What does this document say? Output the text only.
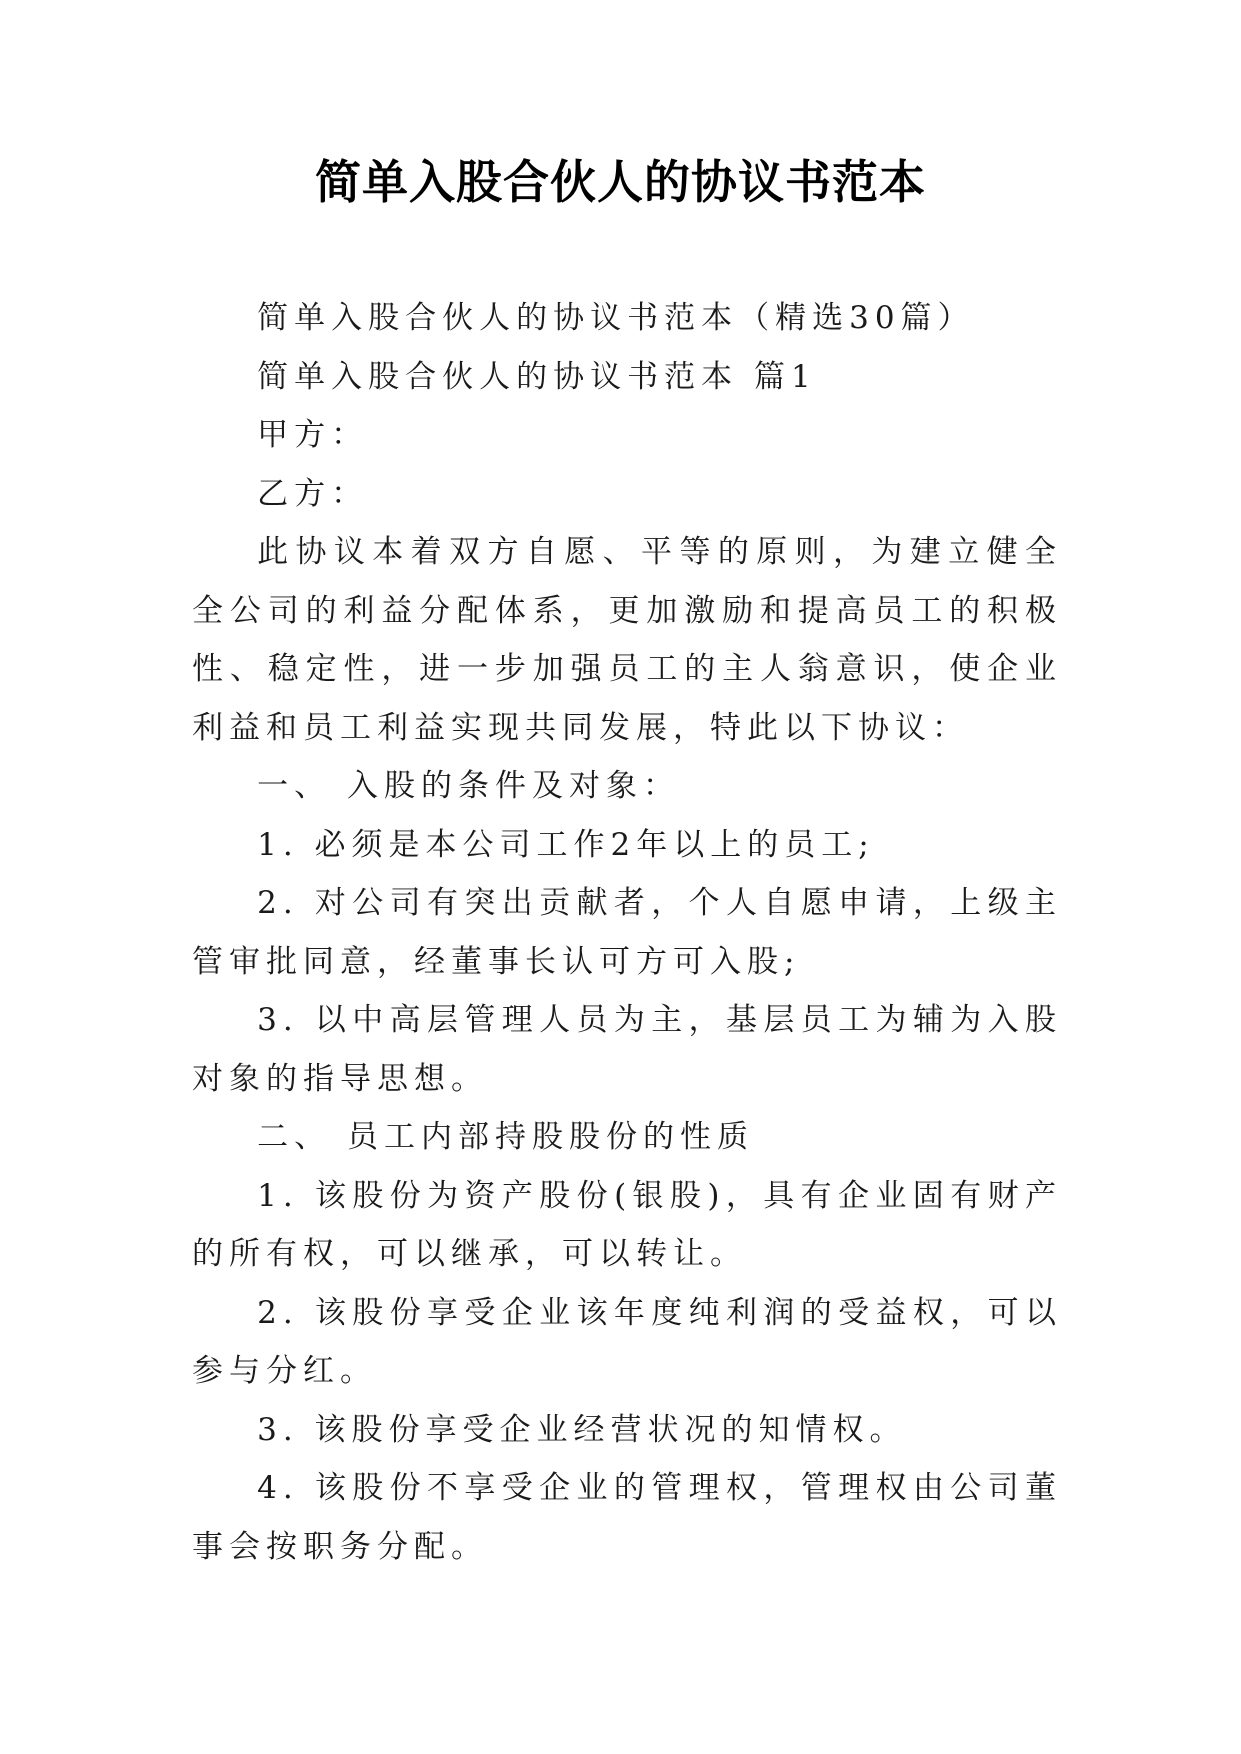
简单入股合伙人的协议书范本

简单入股合伙人的协议书范本（精选30篇）

简单入股合伙人的协议书范本 篇1

甲方：

乙方：

此协议本着双方自愿、平等的原则，为建立健全全公司的利益分配体系，更加激励和提高员工的积极性、稳定性，进一步加强员工的主人翁意识，使企业利益和员工利益实现共同发展，特此以下协议：

一、 入股的条件及对象：

1. 必须是本公司工作2年以上的员工;

2. 对公司有突出贡献者，个人自愿申请，上级主管审批同意，经董事长认可方可入股;

3. 以中高层管理人员为主，基层员工为辅为入股对象的指导思想。

二、 员工内部持股股份的性质

1. 该股份为资产股份(银股)，具有企业固有财产的所有权，可以继承，可以转让。

2. 该股份享受企业该年度纯利润的受益权，可以参与分红。

3. 该股份享受企业经营状况的知情权。

4. 该股份不享受企业的管理权，管理权由公司董事会按职务分配。
